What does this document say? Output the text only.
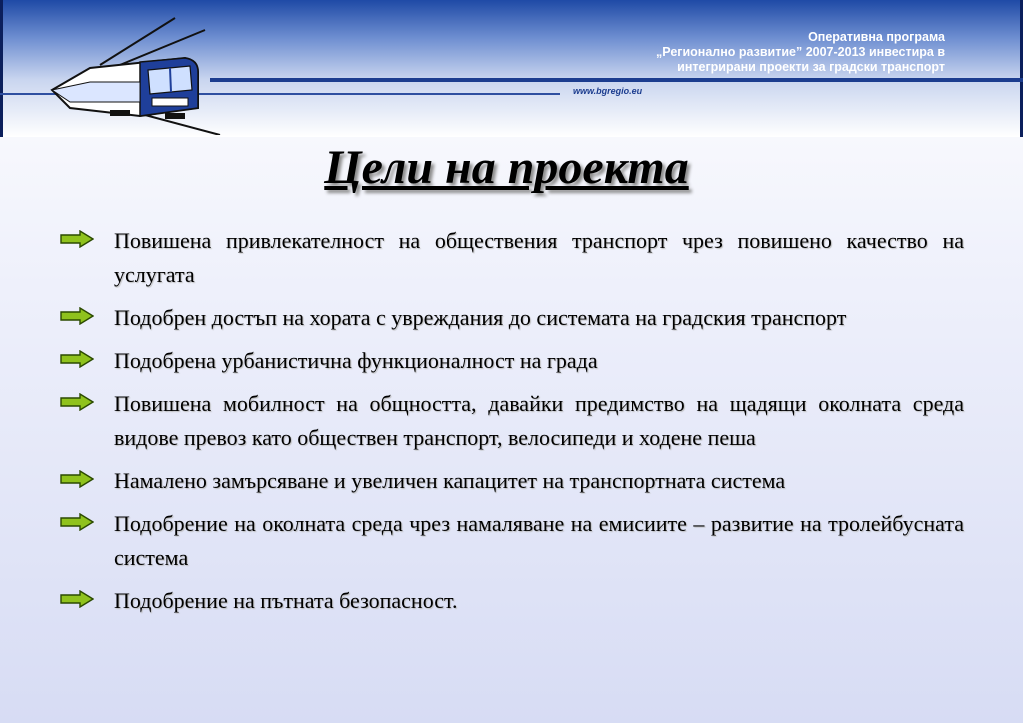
Оперативна програма
„Регионално развитие” 2007-2013 инвестира в
интегрирани проекти за градски транспорт
www.bgregio.eu
Цели на проекта
Повишена привлекателност на обществения транспорт чрез повишено качество на услугата
Подобрен достъп на хората с увреждания до системата на градския транспорт
Подобрена урбанистична функционалност на града
Повишена мобилност на общността, давайки предимство на щадящи околната среда видове превоз като обществен транспорт, велосипеди и ходене пеша
Намалено замърсяване и увеличен капацитет на транспортната система
Подобрение на околната среда чрез намаляване на емисиите – развитие на тролейбусната система
Подобрение на пътната безопасност.
